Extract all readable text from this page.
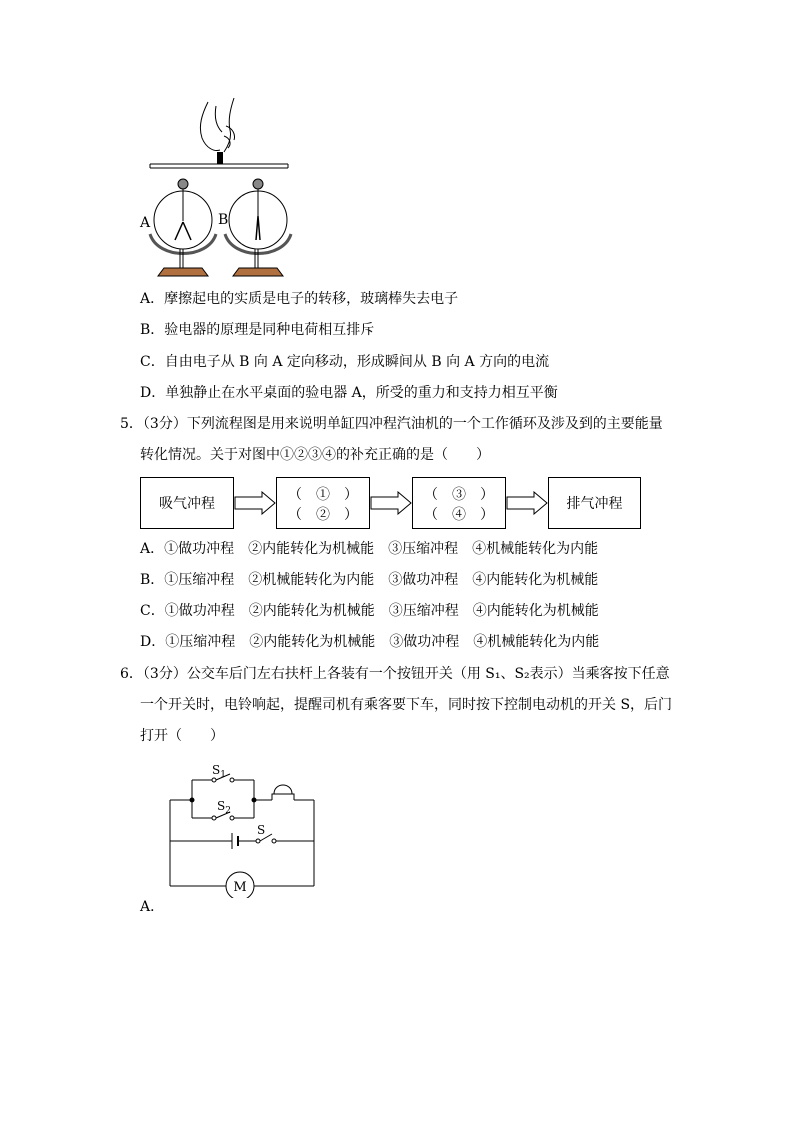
A	B
A．摩擦起电的实质是电子的转移，玻璃棒失去电子
B．验电器的原理是同种电荷相互排斥
C．自由电子从 B 向 A 定向移动，形成瞬间从 B 向 A 方向的电流
D．单独静止在水平桌面的验电器 A，所受的重力和支持力相互平衡
5．（3分）下列流程图是用来说明单缸四冲程汽油机的一个工作循环及涉及到的主要能量
转化情况。关于对图中①②③④的补充正确的是（　　）
吸气冲程
（　①　）
（　②　）
（　③　）
（　④　）
排气冲程
A．①做功冲程　②内能转化为机械能　③压缩冲程　④机械能转化为内能
B．①压缩冲程　②机械能转化为内能　③做功冲程　④内能转化为机械能
C．①做功冲程　②内能转化为机械能　③压缩冲程　④内能转化为机械能
D．①压缩冲程　②内能转化为机械能　③做功冲程　④机械能转化为内能
6．（3分）公交车后门左右扶杆上各装有一个按钮开关（用 S₁、S₂表示）当乘客按下任意
一个开关时，电铃响起，提醒司机有乘客要下车，同时按下控制电动机的开关 S，后门
打开（　　）
$S_1$
$S_2$
S
M
A．
